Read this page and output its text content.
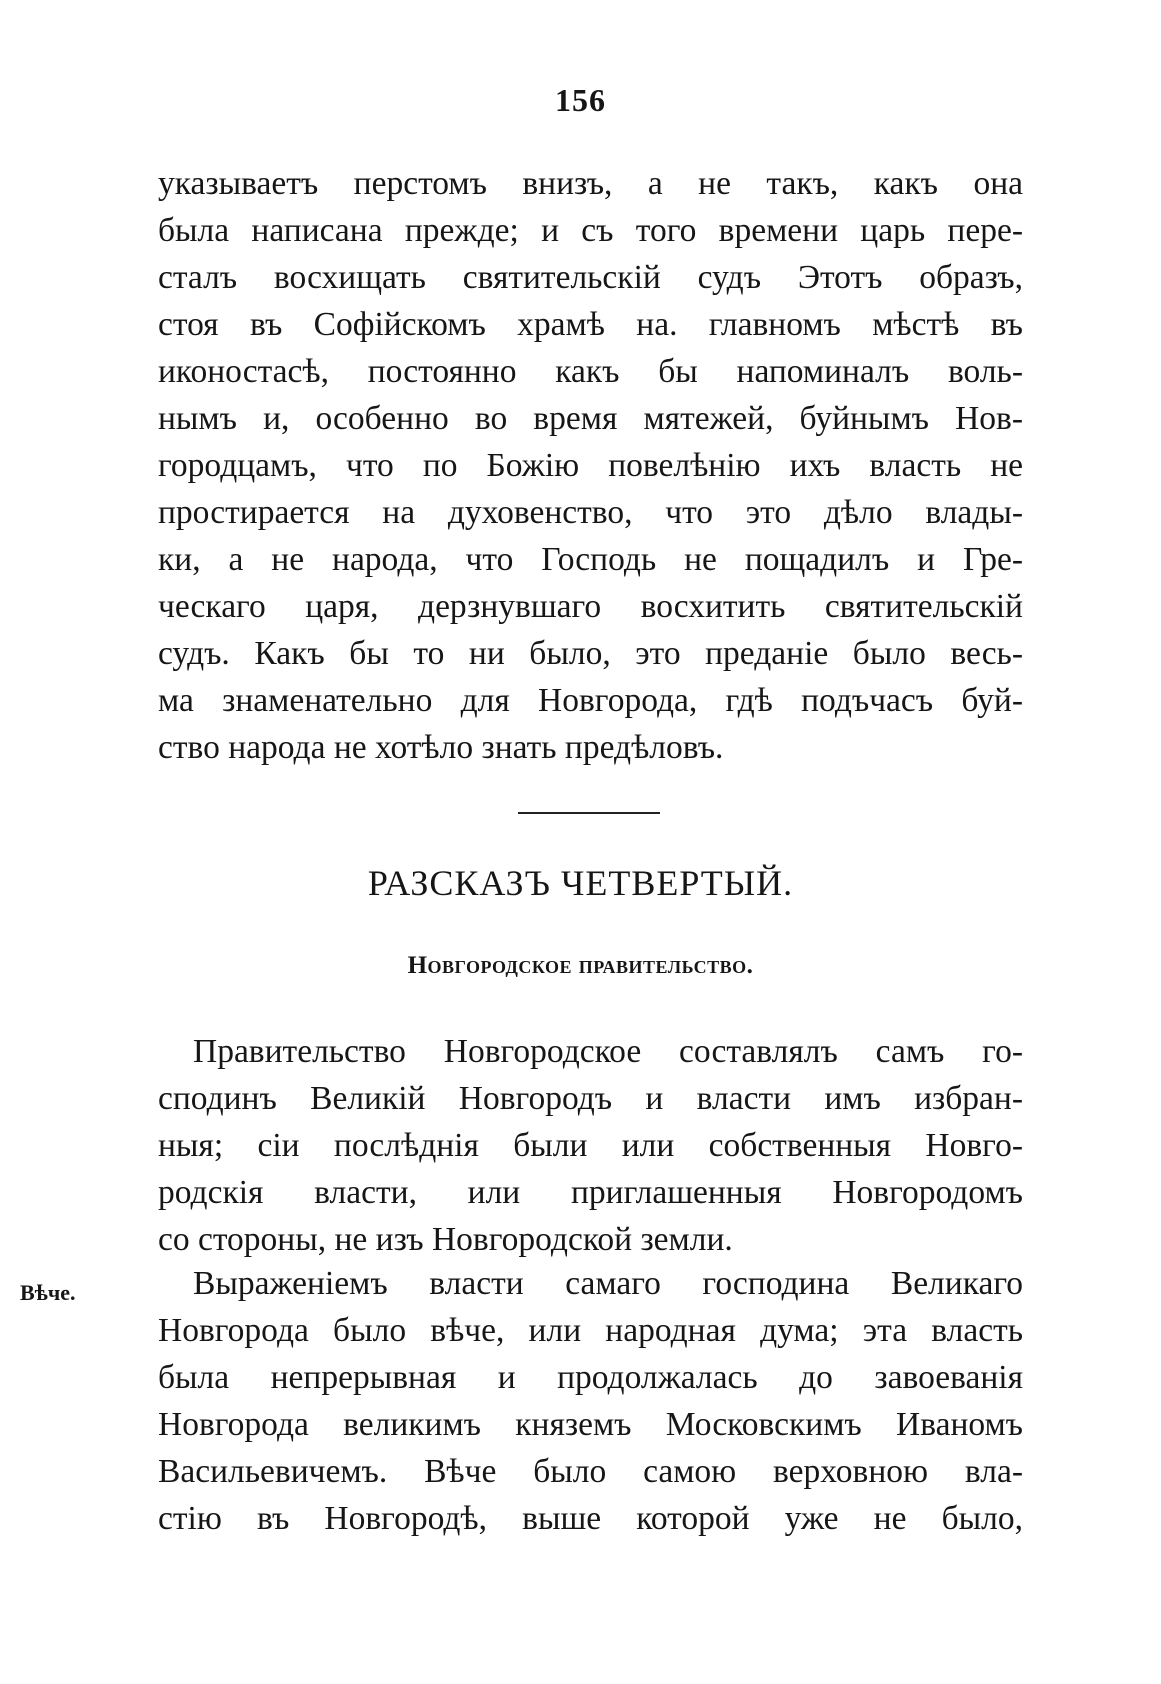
156
указываетъ перстомъ внизъ, а не такъ, какъ она
была написана прежде; и съ того времени царь пере-
сталъ восхищать святительскій судъ Этотъ образъ,
стоя въ Софійскомъ храмѣ на. главномъ мѣстѣ въ
иконостасѣ, постоянно какъ бы напоминалъ воль-
нымъ и, особенно во время мятежей, буйнымъ Нов-
городцамъ, что по Божію повелѣнію ихъ власть не
простирается на духовенство, что это дѣло влады-
ки, а не народа, что Господь не пощадилъ и Гре-
ческаго царя, дерзнувшаго восхитить святительскій
судъ. Какъ бы то ни было, это преданіе было весь-
ма знаменательно для Новгорода, гдѣ подъчасъ буй-
ство народа не хотѣло знать предѣловъ.
РАЗСКАЗЪ ЧЕТВЕРТЫЙ.
Новгородское правительство.
Правительство Новгородское составлялъ самъ го-
сподинъ Великій Новгородъ и власти имъ избран-
ныя; сіи послѣднія были или собственныя Новго-
родскія власти, или приглашенныя Новгородомъ
со стороны, не изъ Новгородской земли.
Вѣче.	Выраженіемъ власти самаго господина Великаго
Новгорода было вѣче, или народная дума; эта власть
была непрерывная и продолжалась до завоеванія
Новгорода великимъ княземъ Московскимъ Иваномъ
Васильевичемъ. Вѣче было самою верховною вла-
стію въ Новгородѣ, выше которой уже не было,
